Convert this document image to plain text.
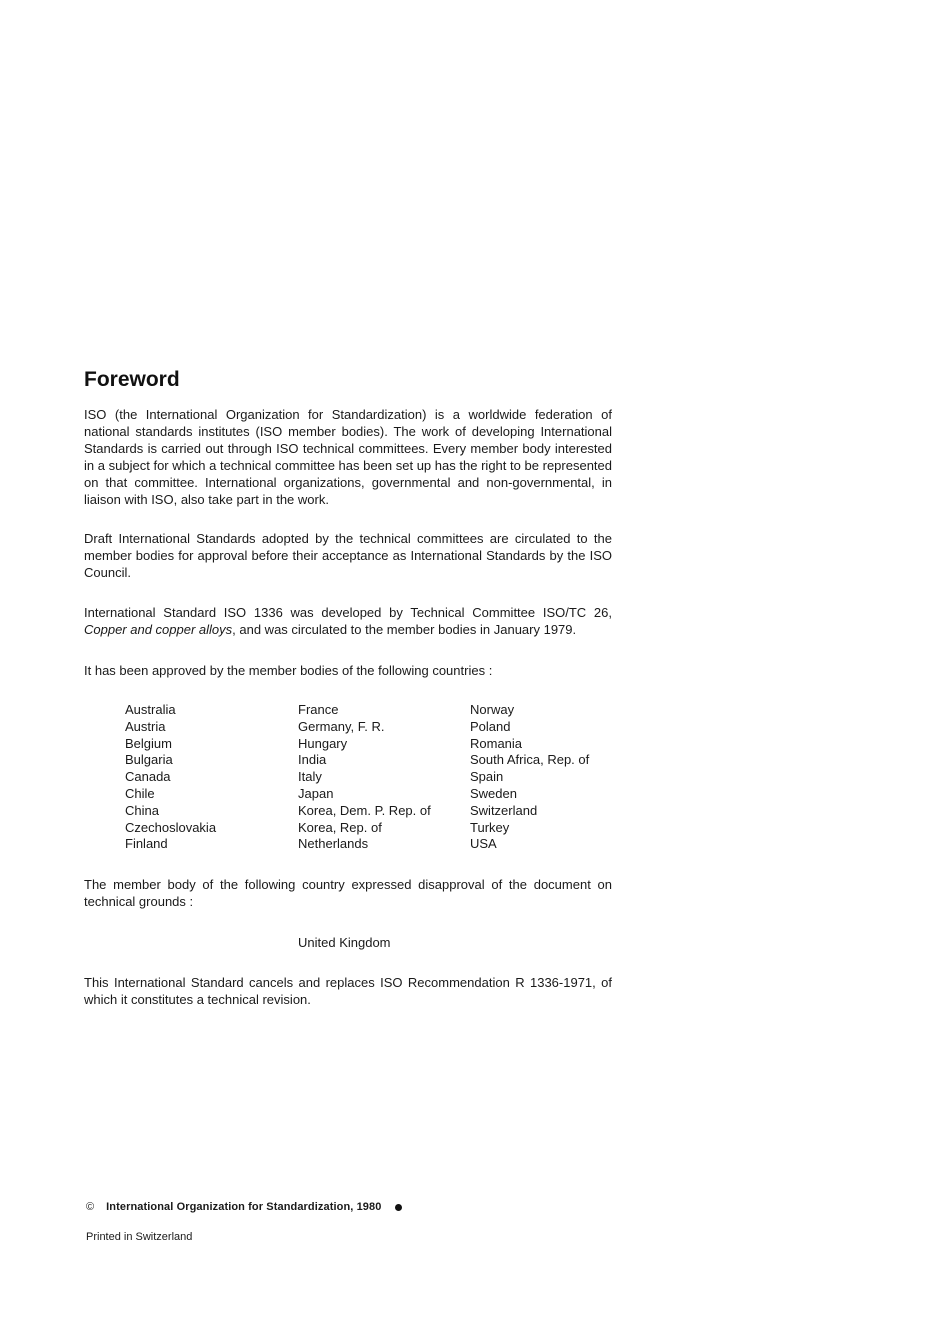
Foreword

ISO (the International Organization for Standardization) is a worldwide federation of national standards institutes (ISO member bodies). The work of developing International Standards is carried out through ISO technical committees. Every member body interested in a subject for which a technical committee has been set up has the right to be represented on that committee. International organizations, governmental and non-governmental, in liaison with ISO, also take part in the work.

Draft International Standards adopted by the technical committees are circulated to the member bodies for approval before their acceptance as International Standards by the ISO Council.

International Standard ISO 1336 was developed by Technical Committee ISO/TC 26, Copper and copper alloys, and was circulated to the member bodies in January 1979.

It has been approved by the member bodies of the following countries :

Australia
Austria
Belgium
Bulgaria
Canada
Chile
China
Czechoslovakia
Finland
France
Germany, F. R.
Hungary
India
Italy
Japan
Korea, Dem. P. Rep. of
Korea, Rep. of
Netherlands
Norway
Poland
Romania
South Africa, Rep. of
Spain
Sweden
Switzerland
Turkey
USA

The member body of the following country expressed disapproval of the document on technical grounds :

United Kingdom

This International Standard cancels and replaces ISO Recommendation R 1336-1971, of which it constitutes a technical revision.

© International Organization for Standardization, 1980
Printed in Switzerland
